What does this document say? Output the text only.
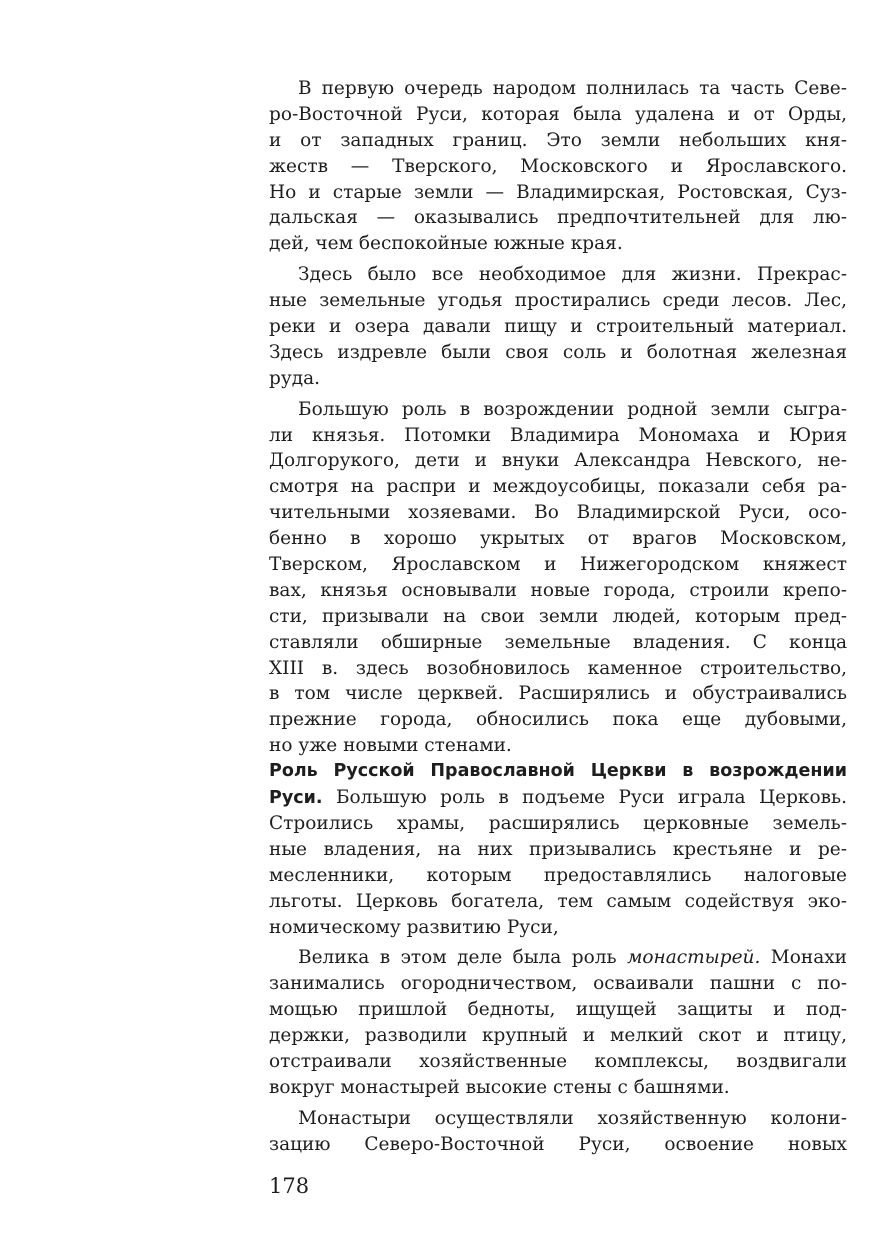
В первую очередь народом полнилась та часть Севе-
ро-Восточной Руси, которая была удалена и от Орды,
и от западных границ. Это земли небольших кня-
жеств — Тверского, Московского и Ярославского.
Но и старые земли — Владимирская, Ростовская, Суз-
дальская — оказывались предпочтительней для лю-
дей, чем беспокойные южные края.
Здесь было все необходимое для жизни. Прекрас-
ные земельные угодья простирались среди лесов. Лес,
реки и озера давали пищу и строительный материал.
Здесь издревле были своя соль и болотная железная
руда.
Большую роль в возрождении родной земли сыгра-
ли князья. Потомки Владимира Мономаха и Юрия
Долгорукого, дети и внуки Александра Невского, не-
смотря на распри и междоусобицы, показали себя ра-
чительными хозяевами. Во Владимирской Руси, осо-
бенно в хорошо укрытых от врагов Московском,
Тверском, Ярославском и Нижегородском княжест
вах, князья основывали новые города, строили крепо-
сти, призывали на свои земли людей, которым пред-
ставляли обширные земельные владения. С конца
XIII в. здесь возобновилось каменное строительство,
в том числе церквей. Расширялись и обустраивались
прежние города, обносились пока еще дубовыми,
но уже новыми стенами.
Роль Русской Православной Церкви в возрождении
Руси. Большую роль в подъеме Руси играла Церковь.
Строились храмы, расширялись церковные земель-
ные владения, на них призывались крестьяне и ре-
месленники, которым предоставлялись налоговые
льготы. Церковь богатела, тем самым содействуя эко-
номическому развитию Руси,
Велика в этом деле была роль монастырей. Монахи
занимались огородничеством, осваивали пашни с по-
мощью пришлой бедноты, ищущей защиты и под-
держки, разводили крупный и мелкий скот и птицу,
отстраивали хозяйственные комплексы, воздвигали
вокруг монастырей высокие стены с башнями.
Монастыри осуществляли хозяйственную колони-
зацию Северо-Восточной Руси, освоение новых
178
